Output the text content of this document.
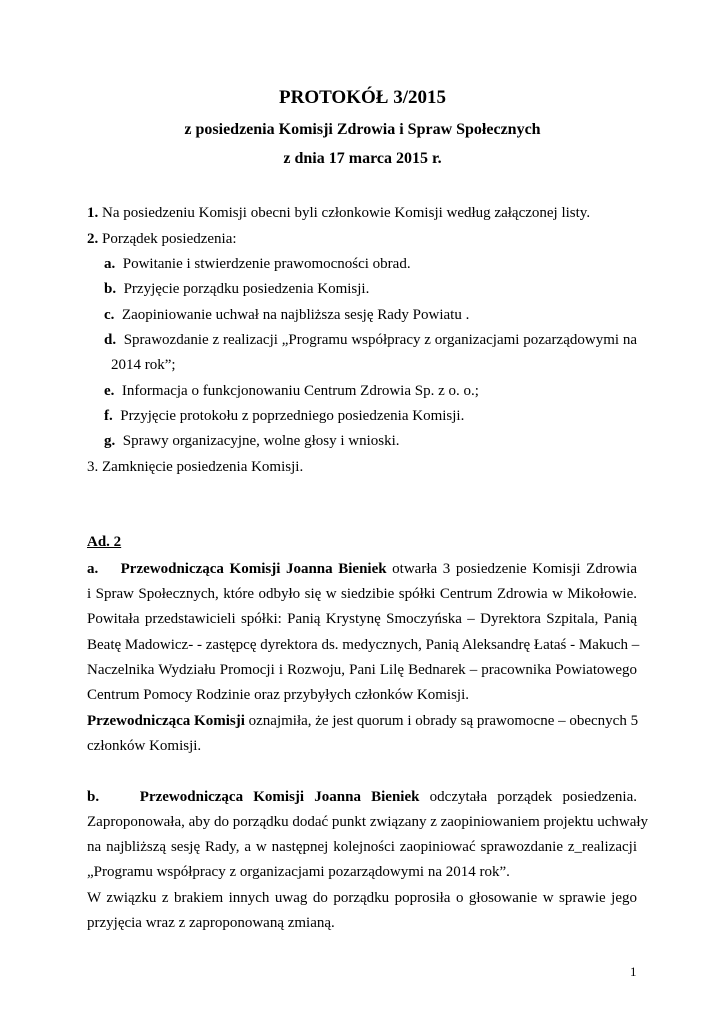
PROTOKÓŁ 3/2015
z posiedzenia Komisji Zdrowia i Spraw Społecznych
z dnia 17 marca 2015 r.
1. Na posiedzeniu Komisji obecni byli członkowie Komisji według załączonej listy.
2. Porządek posiedzenia:
a. Powitanie i stwierdzenie prawomocności obrad.
b. Przyjęcie porządku posiedzenia Komisji.
c. Zaopiniowanie uchwał na najbliższa sesję Rady Powiatu .
d. Sprawozdanie z realizacji „Programu współpracy z organizacjami pozarządowymi na
2014 rok”;
e. Informacja o funkcjonowaniu Centrum Zdrowia Sp. z o. o.;
f. Przyjęcie protokołu z poprzedniego posiedzenia Komisji.
g. Sprawy organizacyjne, wolne głosy i wnioski.
3. Zamknięcie posiedzenia Komisji.
Ad. 2
a. Przewodnicząca Komisji Joanna Bieniek otwarła 3 posiedzenie Komisji Zdrowia
i Spraw Społecznych, które odbyło się w siedzibie spółki Centrum Zdrowia w Mikołowie.
Powitała przedstawicieli spółki: Panią Krystynę Smoczyńska – Dyrektora Szpitala, Panią
Beatę Madowicz- - zastępcę dyrektora ds. medycznych, Panią Aleksandrę Łataś - Makuch –
Naczelnika Wydziału Promocji i Rozwoju, Pani Lilę Bednarek – pracownika Powiatowego
Centrum Pomocy Rodzinie oraz przybyłych członków Komisji.
Przewodnicząca Komisji oznajmiła, że jest quorum i obrady są prawomocne – obecnych 5
członków Komisji.
b.	Przewodnicząca Komisji Joanna Bieniek odczytała porządek posiedzenia.
Zaproponowała, aby do porządku dodać punkt związany z zaopiniowaniem projektu uchwały
na najbliższą sesję Rady, a w następnej kolejności zaopiniować sprawozdanie z_realizacji
„Programu współpracy z organizacjami pozarządowymi na 2014 rok”.
W związku z brakiem innych uwag do porządku poprosiła o głosowanie w sprawie jego
przyjęcia wraz z zaproponowaną zmianą.
1
